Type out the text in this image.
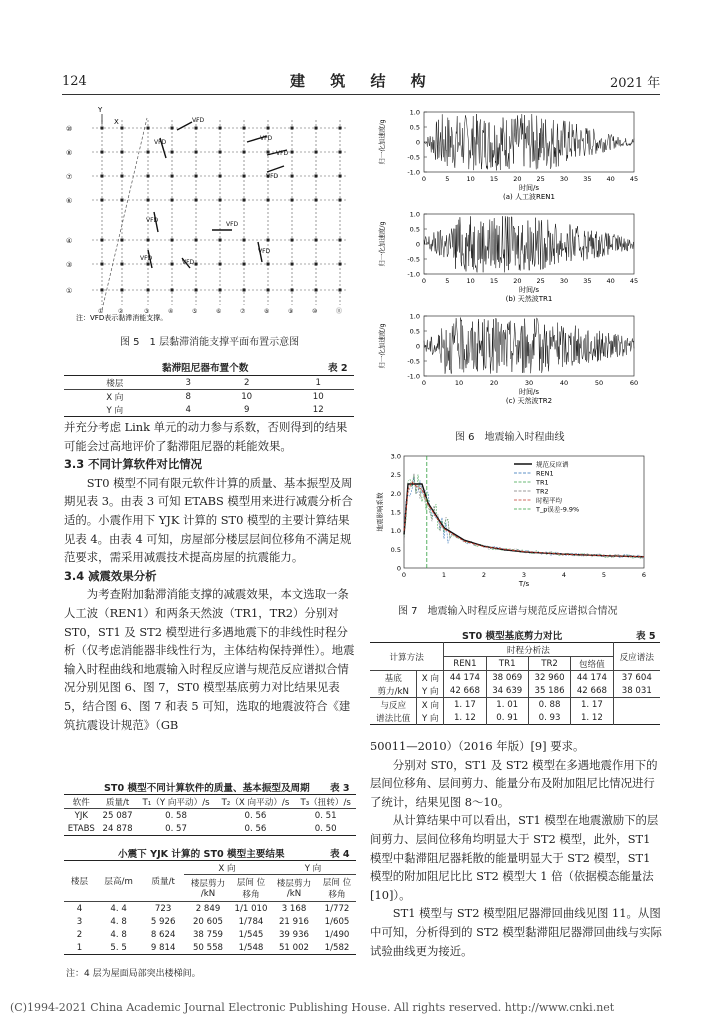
124	建 筑 结 构	2021 年
Y
X
⑩
⑧
⑦
⑥
④
③
①
① ②	③	④	⑤	⑥	⑦	⑧	⑨	⑩	⑪
VFD
VFD
VFD
VFD
VFD
VFD
VFD
VFD
VFD
VFD
注：VFD表示黏滞消能支撑。
图 5　1 层黏滞消能支撑平面布置示意图
黏滞阻尼器布置个数	表 2
楼层	3	2	1
X 向	8	10	10
Y 向	4	9	12

并充分考虑 Link 单元的动力参与系数，否则得到的结果可能会过高地评价了黏滞阻尼器的耗能效果。

3.3 不同计算软件对比情况

ST0 模型不同有限元软件计算的质量、基本振型及周期见表 3。由表 3 可知 ETABS 模型用来进行减震分析合适的。小震作用下 YJK 计算的 ST0 模型的主要计算结果见表 4。由表 4 可知，房屋部分楼层层间位移角不满足规范要求，需采用减震技术提高房屋的抗震能力。

3.4 减震效果分析

为考查附加黏滞消能支撑的减震效果，本文选取一条人工波（REN1）和两条天然波（TR1，TR2）分别对 ST0，ST1 及 ST2 模型进行多遇地震下的非线性时程分析（仅考虑消能器非线性行为，主体结构保持弹性）。地震输入时程曲线和地震输入时程反应谱与规范反应谱拟合情况分别见图 6、图 7，ST0 模型基底剪力对比结果见表 5，结合图 6、图 7 和表 5 可知，选取的地震波符合《建筑抗震设计规范》（GB

ST0 模型不同计算软件的质量、基本振型及周期 表 3
软件	质量/t	T₁（Y 向平动）/s	T₂（X 向平动）/s	T₃（扭转）/s
YJK	25 087	0. 58	0. 56	0. 51
ETABS	24 878	0. 57	0. 56	0. 50
小震下 YJK 计算的 ST0 模型主要结果	表 4
楼层	层高/m	质量/t	X 向		Y 向	
			楼层剪力 /kN	层间 位移角	楼层剪力 /kN	层间 位移角
4	4. 4	723	2 849	1/1 010	3 168	1/772
3	4. 8	5 926	20 605	1/784	21 916	1/605
2	4. 8	8 624	38 759	1/545	39 936	1/490
1	5. 5	9 814	50 558	1/548	51 002	1/582
注：4 层为屋面局部突出楼梯间。
1.0
0.5
0
-0.5
-1.0
0	5	10 15 20 25 30 35 40 45
时间/s
(a) 人工波REN1
归一化加速度/g
1.0
0.5
0
-0.5
-1.0
0	5	10 15 20 25 30 35 40 45
时间/s
(b) 天然波TR1
归一化加速度/g
1.0
0.5
0
-0.5
-1.0
0	10	20	30	40	50	60
时间/s
(c) 天然波TR2
归一化加速度/g
图 6　地震输入时程曲线
0
0.5
1.0
1.5
2.0
2.5
3.0
0	1	2	3	4	5	6
T/s
地震影响系数
规范反应谱
REN1
TR1
TR2
时程平均
T_p误差-9.9%
图 7　地震输入时程反应谱与规范反应谱拟合情况
ST0 模型基底剪力对比	表 5
计算方法		时程分析法				反应谱法
		REN1	TR1	TR2	包络值	
基底	X 向	44 174	38 069	32 960	44 174	37 604
剪力/kN	Y 向	42 668	34 639	35 186	42 668	38 031
与反应	X 向	1. 17	1. 01	0. 88	1. 17	
谱法比值	Y 向	1. 12	0. 91	0. 93	1. 12	

50011—2010）（2016 年版）[9] 要求。

分别对 ST0，ST1 及 ST2 模型在多遇地震作用下的层间位移角、层间剪力、能量分布及附加阻尼比情况进行了统计，结果见图 8～10。

从计算结果中可以看出，ST1 模型在地震激励下的层间剪力、层间位移角均明显大于 ST2 模型，此外，ST1 模型中黏滞阻尼器耗散的能量明显大于 ST2 模型，ST1 模型的附加阻尼比比 ST2 模型大 1 倍（依据模态能量法[10]）。

ST1 模型与 ST2 模型阻尼器滞回曲线见图 11。从图中可知，分析得到的 ST2 模型黏滞阻尼器滞回曲线与实际试验曲线更为接近。

(C)1994-2021 China Academic Journal Electronic Publishing House. All rights reserved. http://www.cnki.net
